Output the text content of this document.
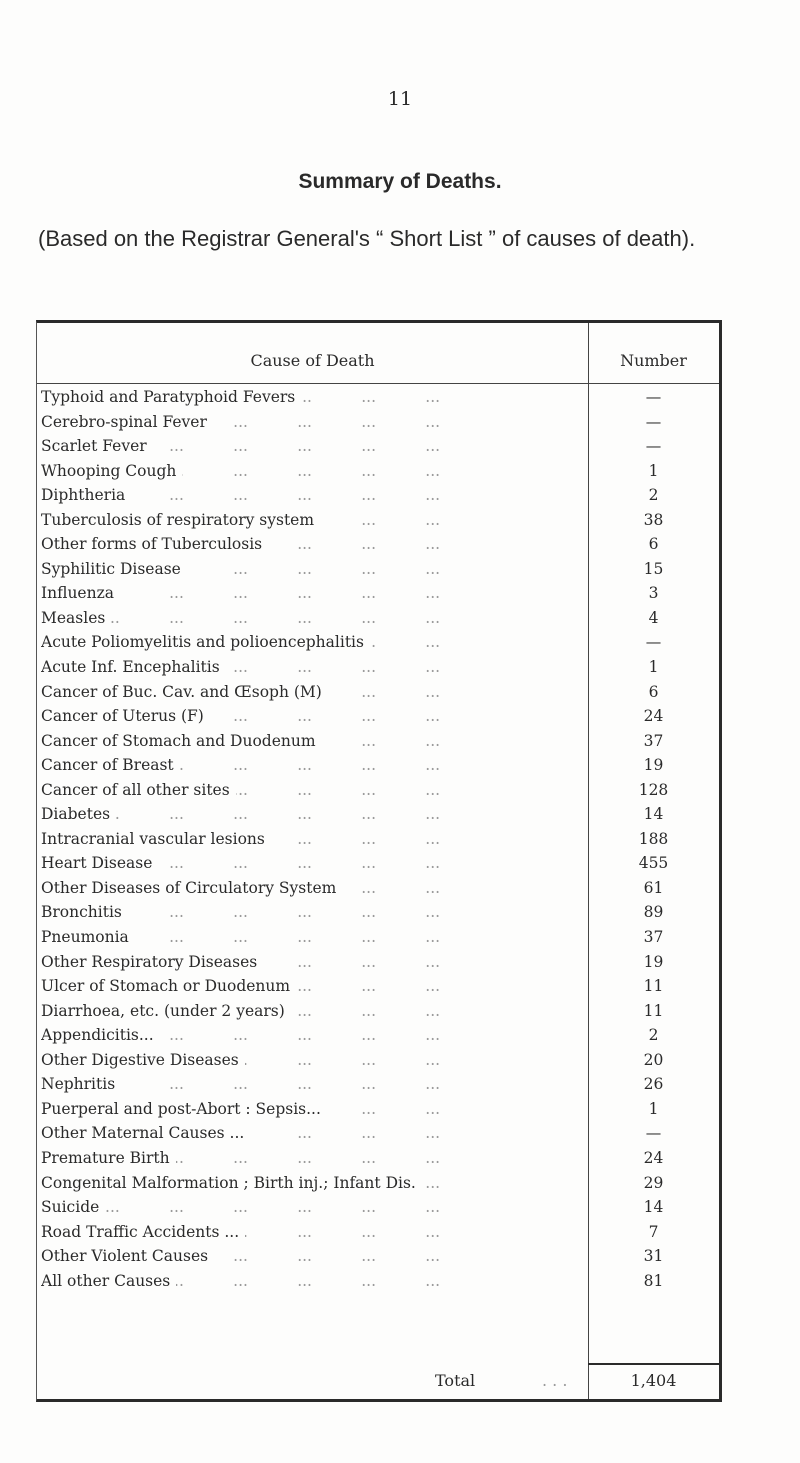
11
Summary of Deaths.
(Based on the Registrar General's “ Short List ” of causes of death).
Cause of Death	Number
Typhoid and Paratyphoid Fevers ...	—
Cerebro-spinal Fever ...	—
Scarlet Fever ...	—
Whooping Cough ...	1
Diphtheria ...	2
Tuberculosis of respiratory system ...	38
Other forms of Tuberculosis ...	6
Syphilitic Disease ...	15
Influenza ...	3
Measles ...	4
Acute Poliomyelitis and polioencephalitis ...	—
Acute Inf. Encephalitis ...	1
Cancer of Buc. Cav. and Œsoph (M) ...	6
Cancer of Uterus (F) ...	24
Cancer of Stomach and Duodenum ...	37
Cancer of Breast ...	19
Cancer of all other sites ...	128
Diabetes ...	14
Intracranial vascular lesions ...	188
Heart Disease ...	455
Other Diseases of Circulatory System ...	61
Bronchitis ...	89
Pneumonia ...	37
Other Respiratory Diseases ...	19
Ulcer of Stomach or Duodenum ...	11
Diarrhoea, etc. (under 2 years) ...	11
Appendicitis... ...	2
Other Digestive Diseases ...	20
Nephritis ...	26
Puerperal and post-Abort : Sepsis... ...	1
Other Maternal Causes ... ...	—
Premature Birth ...	24
Congenital Malformation ; Birth inj.; Infant Dis. ...	29
Suicide ...	14
Road Traffic Accidents ... ...	7
Other Violent Causes ...	31
All other Causes ...	81
Total	. . .	1,404
